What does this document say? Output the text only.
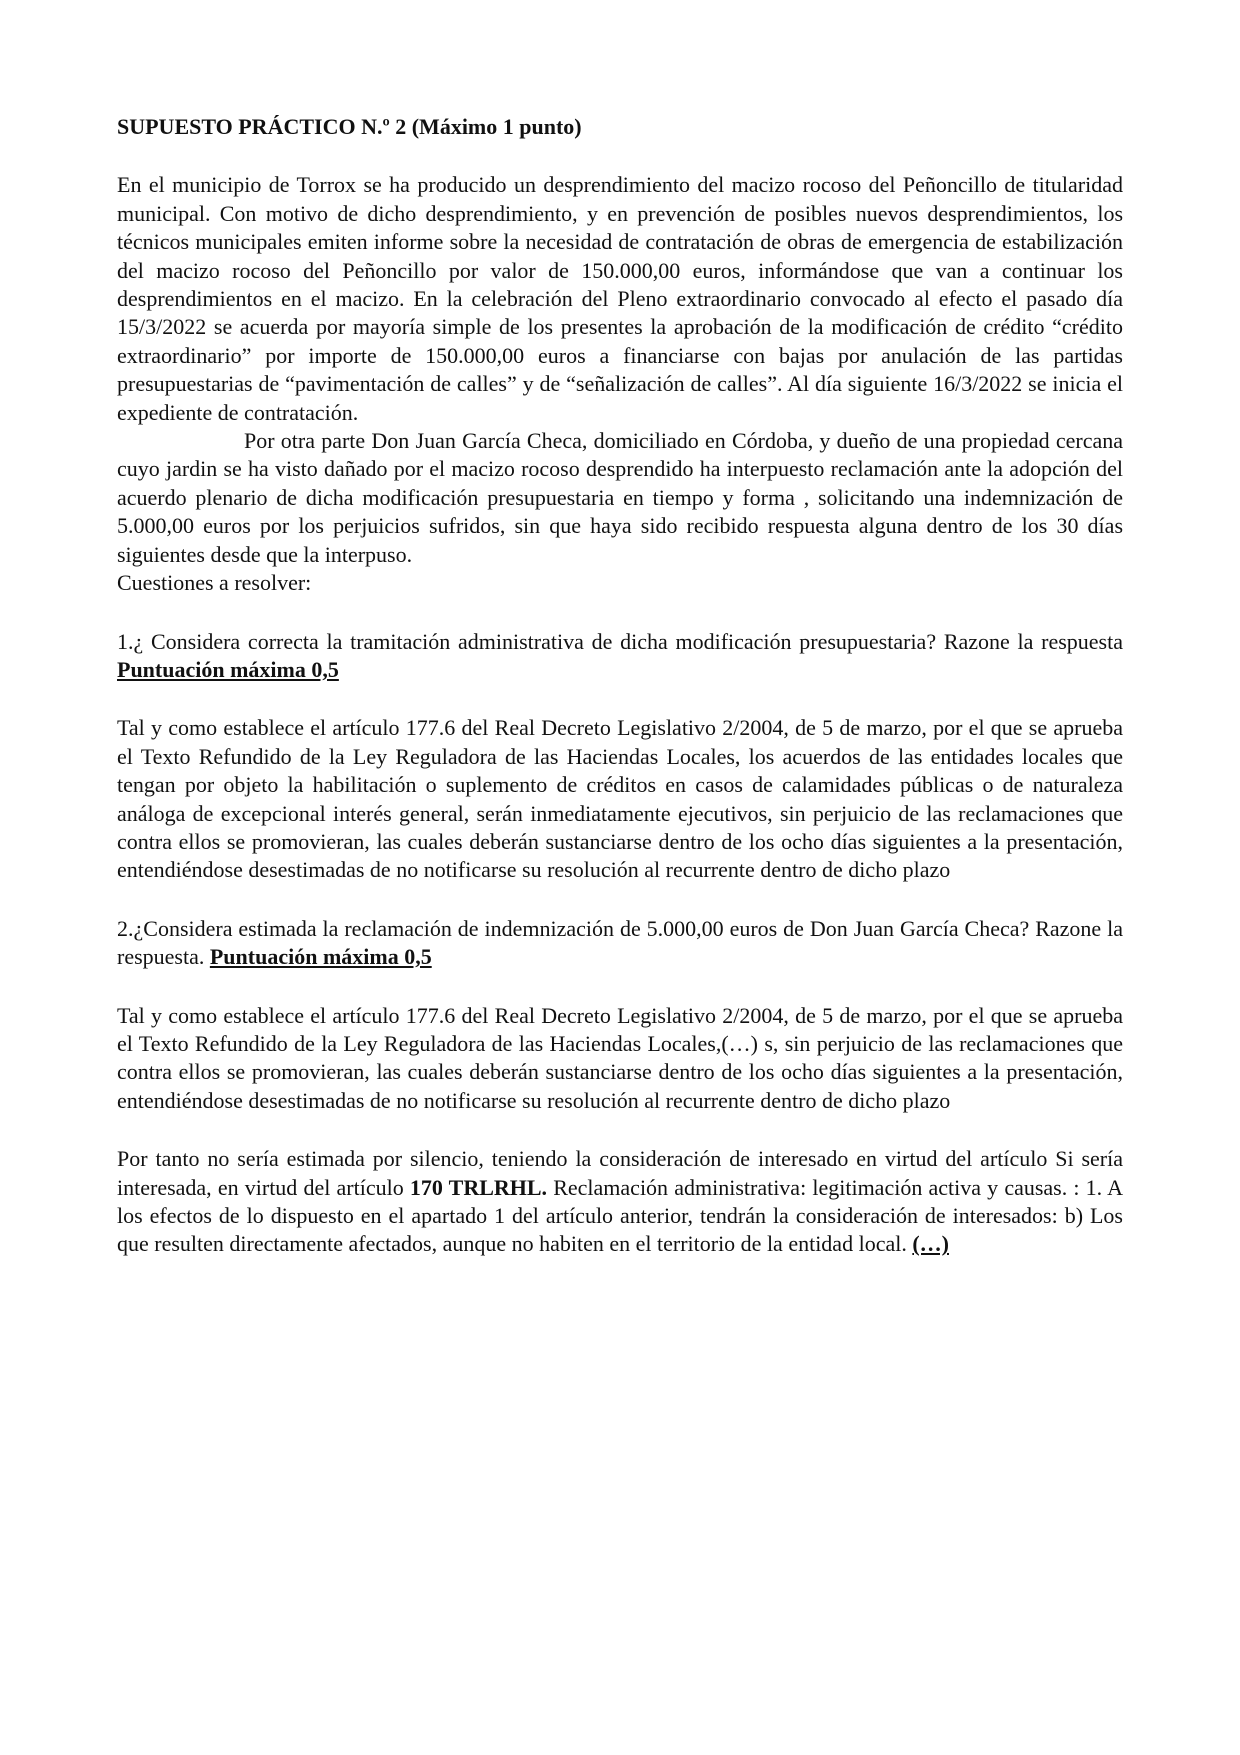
SUPUESTO PRÁCTICO N.º 2 (Máximo 1 punto)

En el municipio de Torrox se ha producido un desprendimiento del macizo rocoso del Peñoncillo de titularidad municipal. Con motivo de dicho desprendimiento, y en prevención de posibles nuevos desprendimientos, los técnicos municipales emiten informe sobre la necesidad de contratación de obras de emergencia de estabilización del macizo rocoso del Peñoncillo por valor de 150.000,00 euros, informándose que van a continuar los desprendimientos en el macizo. En la celebración del Pleno extraordinario convocado al efecto el pasado día 15/3/2022 se acuerda por mayoría simple de los presentes la aprobación de la modificación de crédito “crédito extraordinario” por importe de 150.000,00 euros a financiarse con bajas por anulación de las partidas presupuestarias de “pavimentación de calles” y de “señalización de calles”. Al día siguiente 16/3/2022 se inicia el expediente de contratación.

Por otra parte Don Juan García Checa, domiciliado en Córdoba, y dueño de una propiedad cercana cuyo jardin se ha visto dañado por el macizo rocoso desprendido ha interpuesto reclamación ante la adopción del acuerdo plenario de dicha modificación presupuestaria en tiempo y forma , solicitando una indemnización de 5.000,00 euros por los perjuicios sufridos, sin que haya sido recibido respuesta alguna dentro de los 30 días siguientes desde que la interpuso.

Cuestiones a resolver:

1.¿ Considera correcta la tramitación administrativa de dicha modificación presupuestaria? Razone la respuesta Puntuación máxima 0,5

Tal y como establece el artículo 177.6 del Real Decreto Legislativo 2/2004, de 5 de marzo, por el que se aprueba el Texto Refundido de la Ley Reguladora de las Haciendas Locales, los acuerdos de las entidades locales que tengan por objeto la habilitación o suplemento de créditos en casos de calamidades públicas o de naturaleza análoga de excepcional interés general, serán inmediatamente ejecutivos, sin perjuicio de las reclamaciones que contra ellos se promovieran, las cuales deberán sustanciarse dentro de los ocho días siguientes a la presentación, entendiéndose desestimadas de no notificarse su resolución al recurrente dentro de dicho plazo

2.¿Considera estimada la reclamación de indemnización de 5.000,00 euros de Don Juan García Checa? Razone la respuesta. Puntuación máxima 0,5

Tal y como establece el artículo 177.6 del Real Decreto Legislativo 2/2004, de 5 de marzo, por el que se aprueba el Texto Refundido de la Ley Reguladora de las Haciendas Locales,(…) s, sin perjuicio de las reclamaciones que contra ellos se promovieran, las cuales deberán sustanciarse dentro de los ocho días siguientes a la presentación, entendiéndose desestimadas de no notificarse su resolución al recurrente dentro de dicho plazo

Por tanto no sería estimada por silencio, teniendo la consideración de interesado en virtud del artículo Si sería interesada, en virtud del artículo 170 TRLRHL. Reclamación administrativa: legitimación activa y causas. : 1. A los efectos de lo dispuesto en el apartado 1 del artículo anterior, tendrán la consideración de interesados: b) Los que resulten directamente afectados, aunque no habiten en el territorio de la entidad local. (…)
